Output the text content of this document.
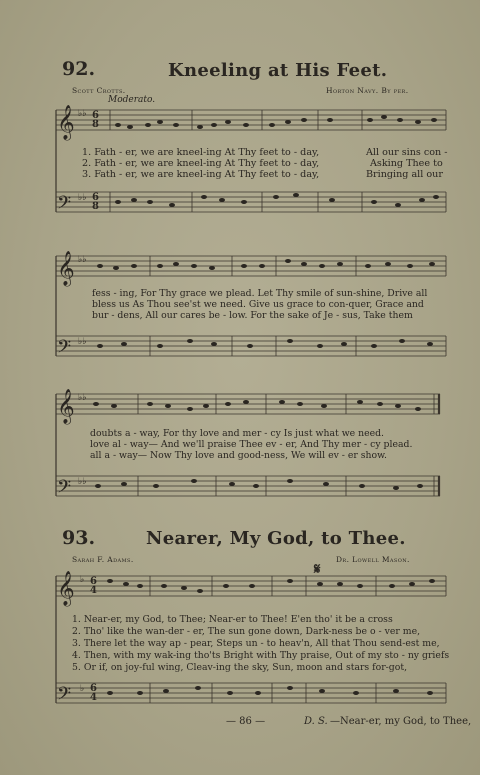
92.	Kneeling at His Feet.
Scott Crotts.	Horton Navy. By per.
Moderato.
𝄞
𝄢
♭♭
♭♭
6
8
6
8
1. Fath - er, we are kneel-ing At Thy feet to - day,
2. Fath - er, we are kneel-ing At Thy feet to - day,
3. Fath - er, we are kneel-ing At Thy feet to - day,
All our sins con -
Asking Thee to
Bringing all our
𝄞
𝄢
♭♭
♭♭
fess - ing, For Thy grace we plead. Let Thy smile of sun-shine, Drive all
bless us As Thou see'st we need. Give us grace to con-quer, Grace and
bur - dens, All our cares be - low. For the sake of Je - sus, Take them
𝄞
𝄢
♭♭
♭♭
doubts a - way, For thy love and mer - cy Is just what we need.
love al - way— And we'll praise Thee ev - er, And Thy mer - cy plead.
all a - way— Now Thy love and good-ness, We will ev - er show.
93.	Nearer, My God, to Thee.
Sarah F. Adams.	Dr. Lowell Mason.
𝄋
𝄞
𝄢
♭
♭
6
4
6
4
1. Near-er, my God, to Thee; Near-er to Thee! E'en tho' it be a cross
2. Tho' like the wan-der - er, The sun gone down, Dark-ness be o - ver me,
3. There let the way ap - pear, Steps un - to heav'n, All that Thou send-est me,
4. Then, with my wak-ing tho'ts Bright with Thy praise, Out of my sto - ny griefs
5. Or if, on joy-ful wing, Cleav-ing the sky, Sun, moon and stars for-got,
— 86 —	D. S. —Near-er, my God, to Thee,
